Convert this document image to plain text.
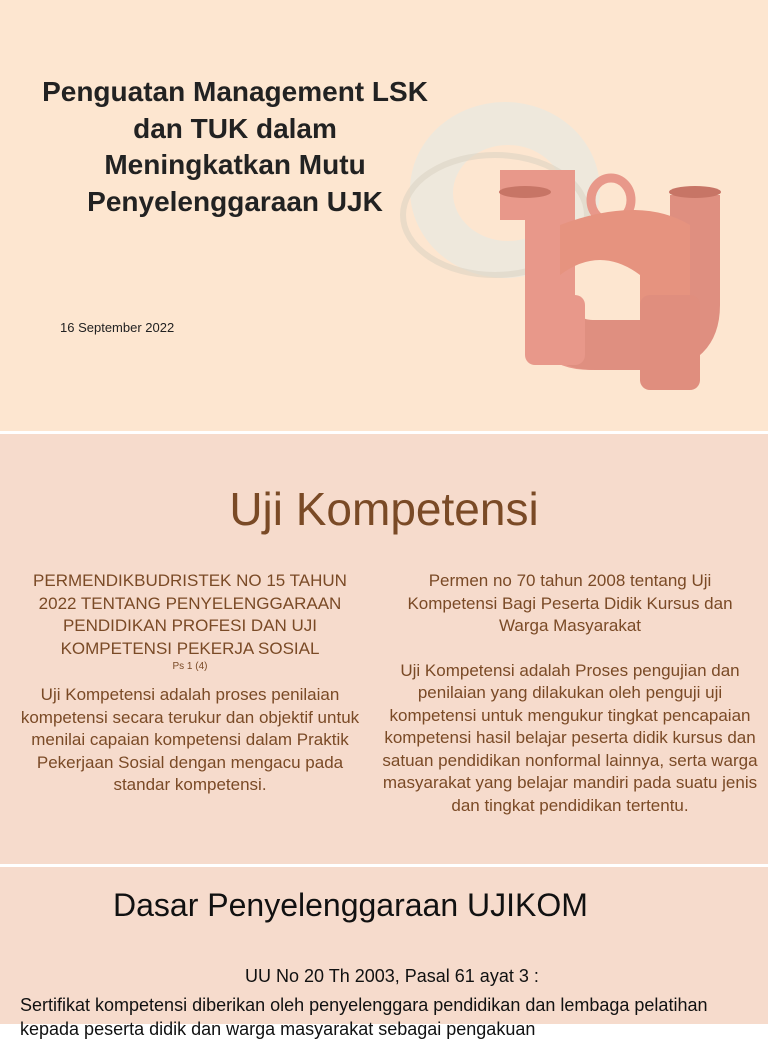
Penguatan Management LSK dan TUK dalam Meningkatkan Mutu Penyelenggaraan UJK
16 September 2022
Uji Kompetensi
PERMENDIKBUDRISTEK NO 15 TAHUN 2022 TENTANG PENYELENGGARAAN PENDIDIKAN PROFESI DAN UJI KOMPETENSI PEKERJA SOSIAL
Ps 1 (4)
Uji Kompetensi adalah proses penilaian kompetensi secara terukur dan objektif untuk menilai capaian kompetensi dalam Praktik Pekerjaan Sosial dengan mengacu pada standar kompetensi.
Permen no 70 tahun 2008 tentang Uji Kompetensi Bagi Peserta Didik Kursus dan Warga Masyarakat
Uji Kompetensi adalah Proses pengujian dan penilaian yang dilakukan oleh penguji uji kompetensi untuk mengukur tingkat pencapaian kompetensi hasil belajar peserta didik kursus dan satuan pendidikan nonformal lainnya, serta warga masyarakat yang belajar mandiri pada suatu jenis dan tingkat pendidikan tertentu.
Dasar Penyelenggaraan UJIKOM
UU No 20 Th 2003, Pasal 61 ayat 3 :
Sertifikat kompetensi diberikan oleh penyelenggara pendidikan dan lembaga pelatihan kepada peserta didik dan warga masyarakat sebagai pengakuan
